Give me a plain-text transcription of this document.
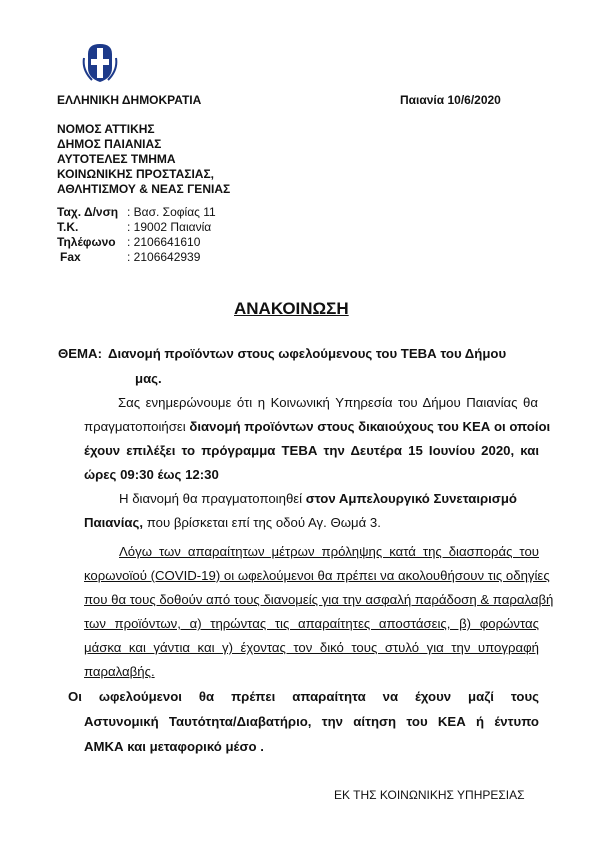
ΕΛΛΗΝΙΚΗ ΔΗΜΟΚΡΑΤΙΑ	Παιανία 10/6/2020
ΝΟΜΟΣ ΑΤΤΙΚΗΣ
ΔΗΜΟΣ ΠΑΙΑΝΙΑΣ
ΑΥΤΟΤΕΛΕΣ ΤΜΗΜΑ
ΚΟΙΝΩΝΙΚΗΣ ΠΡΟΣΤΑΣΙΑΣ,
ΑΘΛΗΤΙΣΜΟΥ & ΝΕΑΣ ΓΕΝΙΑΣ
Ταχ. Δ/νση : Βασ. Σοφίας 11
Τ.Κ.	: 19002 Παιανία
Τηλέφωνο : 2106641610
Fax	: 2106642939
ΑΝΑΚΟΙΝΩΣΗ
ΘΕΜΑ: Διανομή προϊόντων στους ωφελούμενους του ΤΕΒΑ του Δήμου
μας.
Σας ενημερώνουμε ότι η Κοινωνική Υπηρεσία του Δήμου Παιανίας θα
πραγματοποιήσει διανομή προϊόντων στους δικαιούχους του ΚΕΑ οι οποίοι
έχουν επιλέξει το πρόγραμμα ΤΕΒΑ την Δευτέρα 15 Ιουνίου 2020, και
ώρες 09:30 έως 12:30
Η διανομή θα πραγματοποιηθεί στον Αμπελουργικό Συνεταιρισμό
Παιανίας, που βρίσκεται επί της οδού Αγ. Θωμά 3.
Λόγω των απαραίτητων μέτρων πρόληψης κατά της διασποράς του
κορωνοϊού (COVID-19) οι ωφελούμενοι θα πρέπει να ακολουθήσουν τις οδηγίες
που θα τους δοθούν από τους διανομείς για την ασφαλή παράδοση & παραλαβή
των προϊόντων, α) τηρώντας τις απαραίτητες αποστάσεις, β) φορώντας
μάσκα και γάντια και γ) έχοντας τον δικό τους στυλό για την υπογραφή
παραλαβής.
Οι ωφελούμενοι θα πρέπει απαραίτητα να έχουν μαζί τους
Αστυνομική Ταυτότητα/Διαβατήριο, την αίτηση του ΚΕΑ ή έντυπο
ΑΜΚΑ και μεταφορικό μέσο .
ΕΚ ΤΗΣ ΚΟΙΝΩΝΙΚΗΣ ΥΠΗΡΕΣΙΑΣ
